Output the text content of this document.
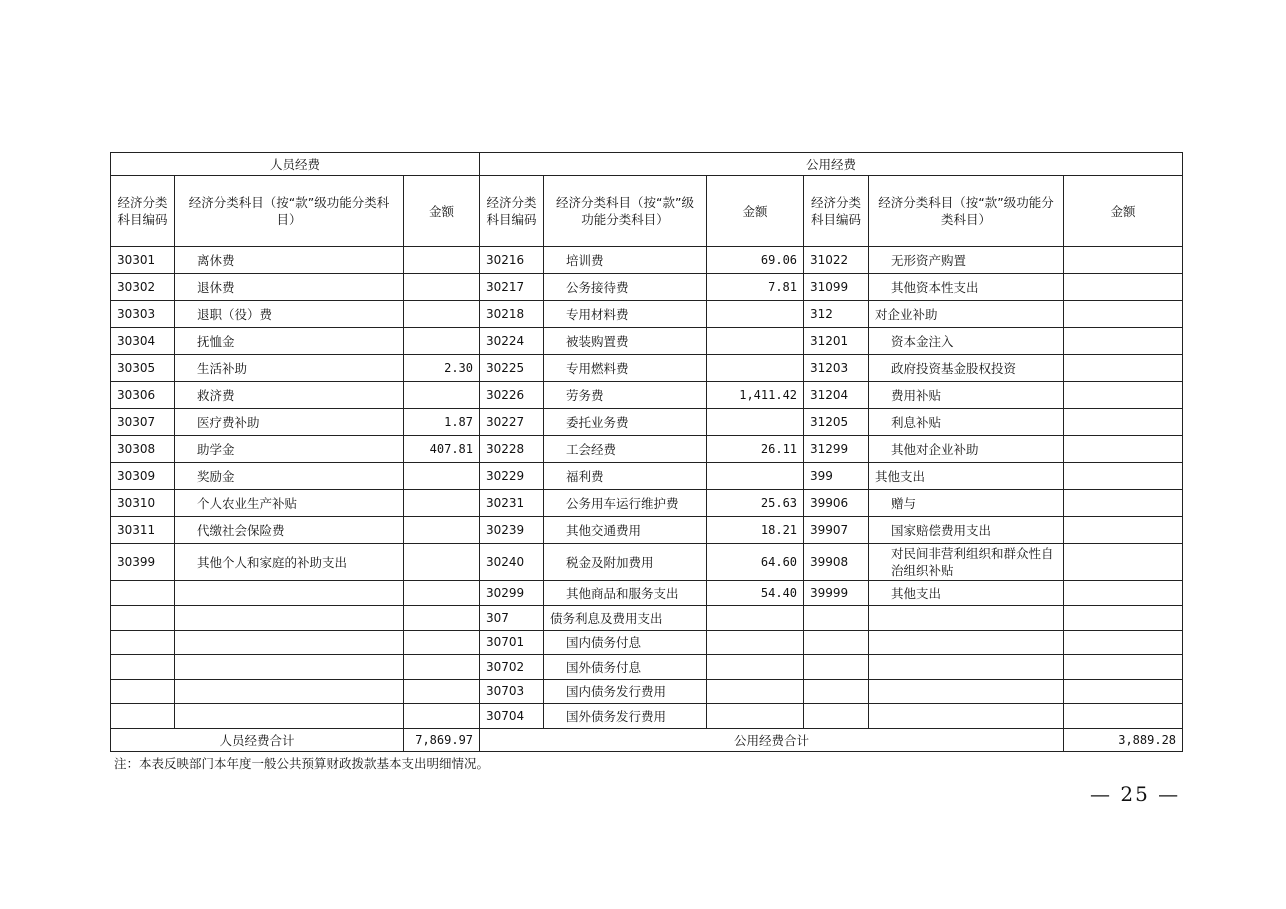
人员经费			公用经费					
经济分类科目编码	经济分类科目（按“款”级功能分类科目）	金额	经济分类科目编码	经济分类科目（按“款”级功能分类科目）	金额	经济分类科目编码	经济分类科目（按“款”级功能分类科目）	金额
30301	离休费		30216	培训费	69.06	31022	无形资产购置	
30302	退休费		30217	公务接待费	7.81	31099	其他资本性支出	
30303	退职（役）费		30218	专用材料费		312	对企业补助	
30304	抚恤金		30224	被装购置费		31201	资本金注入	
30305	生活补助	2.30	30225	专用燃料费		31203	政府投资基金股权投资	
30306	救济费		30226	劳务费	1,411.42	31204	费用补贴	
30307	医疗费补助	1.87	30227	委托业务费		31205	利息补贴	
30308	助学金	407.81	30228	工会经费	26.11	31299	其他对企业补助	
30309	奖励金		30229	福利费		399	其他支出	
30310	个人农业生产补贴		30231	公务用车运行维护费	25.63	39906	赠与	
30311	代缴社会保险费		30239	其他交通费用	18.21	39907	国家赔偿费用支出	
30399	其他个人和家庭的补助支出		30240	税金及附加费用	64.60	39908	对民间非营利组织和群众性自治组织补贴	
			30299	其他商品和服务支出	54.40	39999	其他支出	
			307	债务利息及费用支出				
			30701	国内债务付息				
			30702	国外债务付息				
			30703	国内债务发行费用				
			30704	国外债务发行费用				
人员经费合计		7,869.97	公用经费合计					3,889.28
注：本表反映部门本年度一般公共预算财政拨款基本支出明细情况。
— 25 —
